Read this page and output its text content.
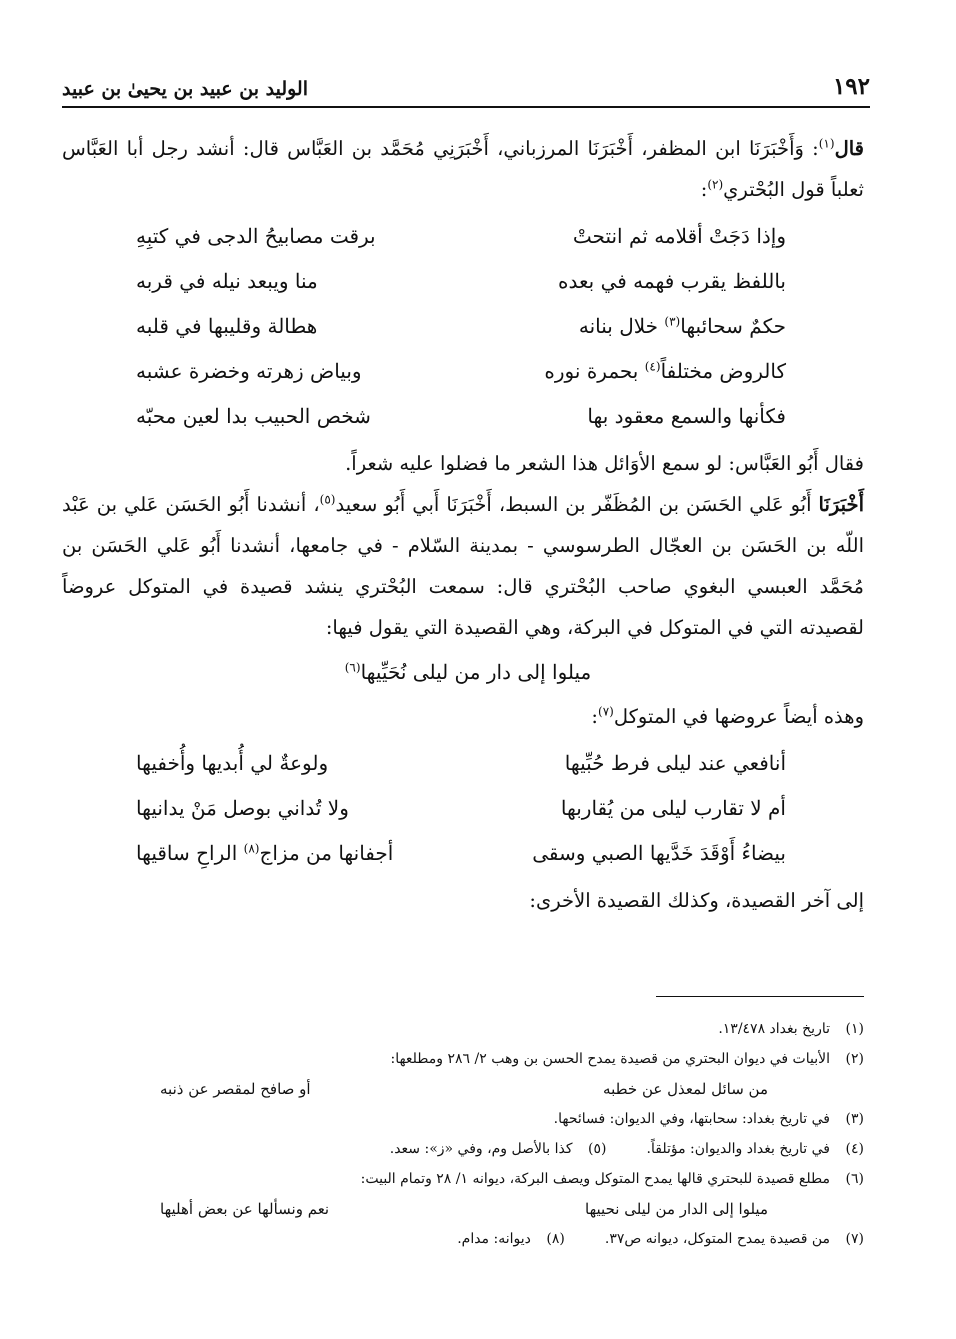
١٩٢
الوليد بن عبيد بن يحيىٰ بن عبيد

قال$^{(١)}$: وَأَخْبَرَنَا ابن المظفر، أَخْبَرَنَا المرزباني، أَخْبَرَنِي مُحَمَّد بن العَبَّاس قال: أنشد رجل أبا العَبَّاس ثعلباً قول البُحْتري$^{(٢)}$:

وإذا دَجَتْ أقلامه ثم انتحتْ
برقت مصابيحُ الدجى في كتبِهِ
باللفظ يقرب فهمه في بعده
منا ويبعد نيله في قربه
حكمٌ سحائبها$^{(٣)}$ خلال بنانه
هطالة وقليبها في قلبه
كالروض مختلفاً$^{(٤)}$ بحمرة نوره
وبياض زهرته وخضرة عشبه
فكأنها والسمع معقود بها
شخص الحبيب بدا لعين محبّه

فقال أَبُو العَبَّاس: لو سمع الأوَائل هذا الشعر ما فضلوا عليه شعراً.

أَخْبَرَنَا أَبُو عَلي الحَسَن بن المُظَفّر بن السبط، أَخْبَرَنَا أَبي أَبُو سعيد$^{(٥)}$، أنشدنا أَبُو الحَسَن عَلي بن عَبْد اللّه بن الحَسَن بن العجّال الطرسوسي - بمدينة السّلام - في جامعها، أنشدنا أَبُو عَلي الحَسَن بن مُحَمَّد العبسي البغوي صاحب البُحْتري قال: سمعت البُحْتري ينشد قصيدة في المتوكل عروضاً لقصيدته التي في المتوكل في البركة، وهي القصيدة التي يقول فيها:

ميلوا إلى دار من ليلى نُحَيِّيها$^{(٦)}$

وهذه أيضاً عروضها في المتوكل$^{(٧)}$:

أنافعي عند ليلى فرط حُبِّيها
ولوعةٌ لي أُبديها وأُخفيها
أم لا تقارب ليلى من يُقاربها
ولا تُداني بوصل مَنْ يدانيها
بيضاءُ أَوْقَدَ خَدَّيها الصبي وسقى
أجفانها من مزاج$^{(٨)}$ الراحِ ساقيها

إلى آخر القصيدة، وكذلك القصيدة الأخرى:

(١)
تاريخ بغداد ١٣/٤٧٨.
(٢)
الأبيات في ديوان البحتري من قصيدة يمدح الحسن بن وهب ٢/ ٢٨٦ ومطلعها:
من سائل لمعذل عن خطبه
أو صافح لمقصر عن ذنبه
(٣)
في تاريخ بغداد: سحابتها، وفي الديوان: فسائحها.
(٤)
في تاريخ بغداد والديوان: مؤتلقاً.
(٥)
كذا بالأصل وم، وفي «ز»: سعد.
(٦)
مطلع قصيدة للبحتري قالها يمدح المتوكل ويصف البركة، ديوانه ١/ ٢٨ وتمام البيت:
ميلوا إلى الدار من ليلى نحييها
نعم ونسألها عن بعض أهليها
(٧)
من قصيدة يمدح المتوكل، ديوانه ص٣٧.
(٨)
ديوانه: مدام.
